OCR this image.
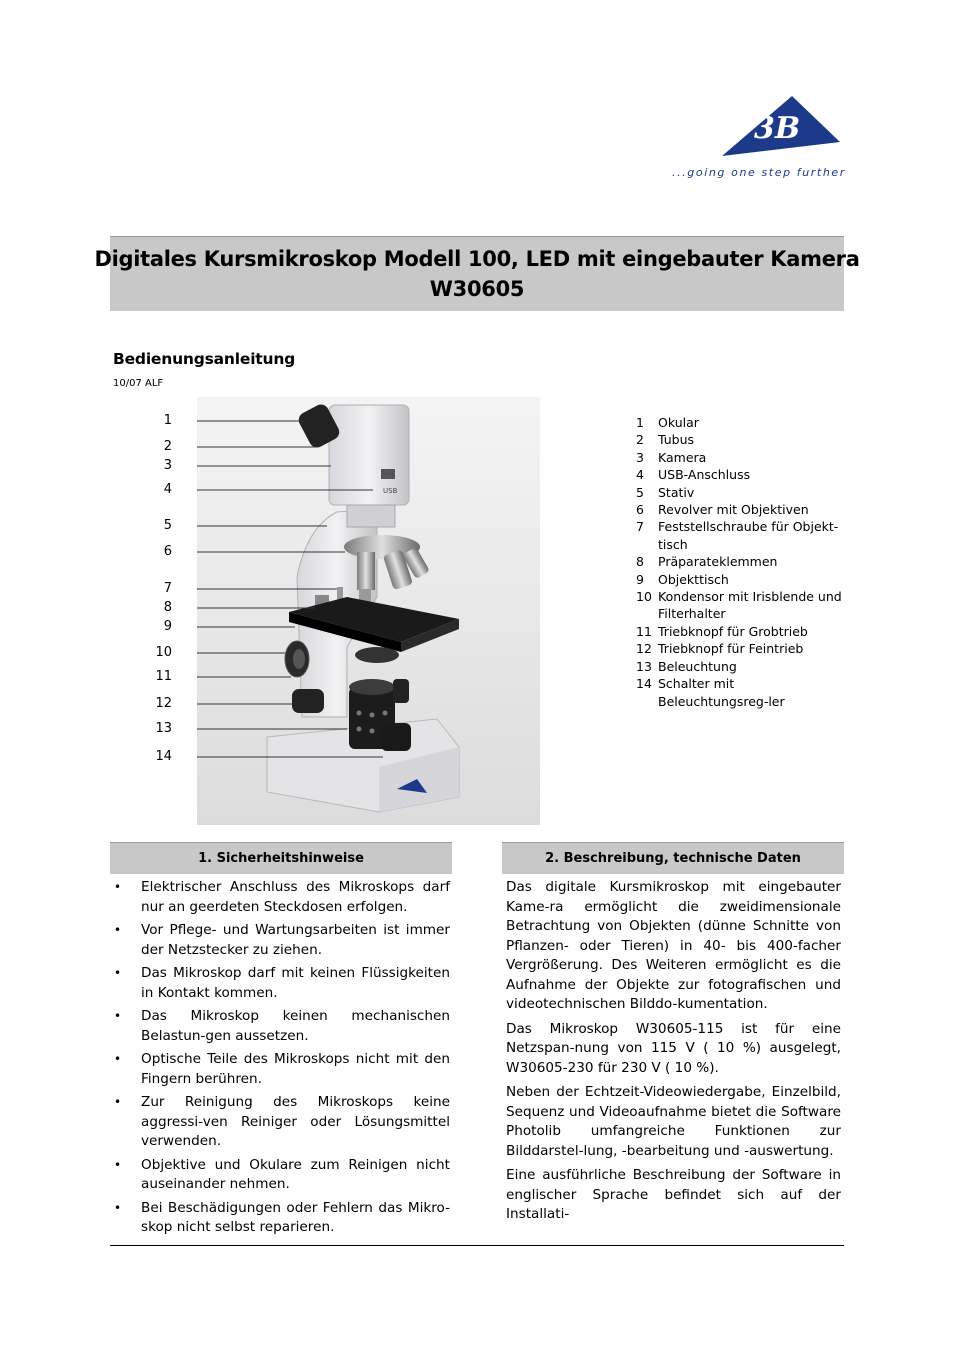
3B
...going one step further
Digitales Kursmikroskop Modell 100, LED mit eingebauter Kamera
W30605
Bedienungsanleitung
10/07 ALF
USB
1
2
3
4
5
6
7
8
9
10
11
12
13
14
1	Okular
2	Tubus
3	Kamera
4	USB-Anschluss
5	Stativ
6	Revolver mit Objektiven
7	Feststellschraube für Objekt-tisch
8	Präparateklemmen
9	Objekttisch
10 Kondensor mit Irisblende und Filterhalter
11 Triebknopf für Grobtrieb
12 Triebknopf für Feintrieb
13 Beleuchtung
14 Schalter mit Beleuchtungsreg-ler
1. Sicherheitshinweise	2. Beschreibung, technische Daten
• Elektrischer Anschluss des Mikroskops darf nur an geerdeten Steckdosen erfolgen.
• Vor Pflege- und Wartungsarbeiten ist immer der Netzstecker zu ziehen.
• Das Mikroskop darf mit keinen Flüssigkeiten in Kontakt kommen.
• Das Mikroskop keinen mechanischen Belastun-gen aussetzen.
• Optische Teile des Mikroskops nicht mit den Fingern berühren.
• Zur Reinigung des Mikroskops keine aggressi-ven Reiniger oder Lösungsmittel verwenden.
• Objektive und Okulare zum Reinigen nicht auseinander nehmen.
• Bei Beschädigungen oder Fehlern das Mikro-skop nicht selbst reparieren.

Das digitale Kursmikroskop mit eingebauter Kame-ra ermöglicht die zweidimensionale Betrachtung von Objekten (dünne Schnitte von Pflanzen- oder Tieren) in 40- bis 400-facher Vergrößerung. Des Weiteren ermöglicht es die Aufnahme der Objekte zur fotografischen und videotechnischen Bilddo-kumentation.

Das Mikroskop W30605-115 ist für eine Netzspan-nung von 115 V ( 10 %) ausgelegt, W30605-230 für 230 V ( 10 %).

Neben der Echtzeit-Videowiedergabe, Einzelbild, Sequenz und Videoaufnahme bietet die Software Photolib umfangreiche Funktionen zur Bilddarstel-lung, -bearbeitung und -auswertung.

Eine ausführliche Beschreibung der Software in englischer Sprache befindet sich auf der Installati-
